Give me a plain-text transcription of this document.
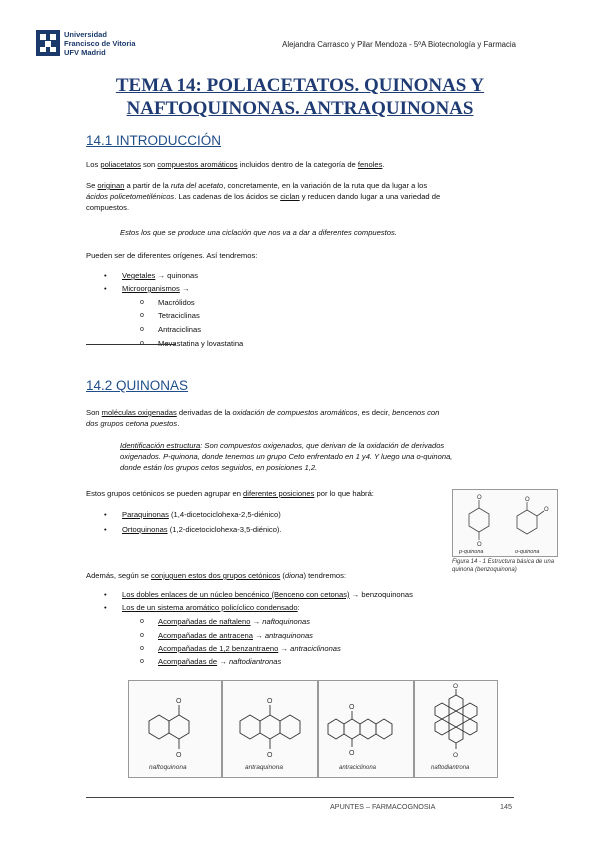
Universidad
Francisco de Vitoria
UFV Madrid
Alejandra Carrasco y Pilar Mendoza - 5ºA Biotecnología y Farmacia
TEMA 14: POLIACETATOS. QUINONAS Y
NAFTOQUINONAS. ANTRAQUINONAS
14.1 INTRODUCCIÓN
Los poliacetatos son compuestos aromáticos incluidos dentro de la categoría de fenoles.
Se originan a partir de la ruta del acetato, concretamente, en la variación de la ruta que da lugar a los
ácidos policetometilénicos. Las cadenas de los ácidos se ciclan y reducen dando lugar a una variedad de
compuestos.
Estos los que se produce una ciclación que nos va a dar a diferentes compuestos.
Pueden ser de diferentes orígenes. Así tendremos:
• Vegetales → quinonas
• Microorganismos →
o Macrólidos
o Tetraciclinas
o Antraciclinas
o Mevastatina y lovastatina
14.2 QUINONAS
Son moléculas oxigenadas derivadas de la oxidación de compuestos aromáticos, es decir, bencenos con
dos grupos cetona puestos.
Identificación estructura: Son compuestos oxigenados, que derivan de la oxidación de derivados
oxigenados. P-quinona, donde tenemos un grupo Ceto enfrentado en 1 y4. Y luego una o-quinona,
donde están los grupos cetos seguidos, en posiciones 1,2.
Estos grupos cetónicos se pueden agrupar en diferentes posiciones por lo que habrá:
• Paraquinonas (1,4-dicetociclohexa-2,5-diénico)
• Ortoquinonas (1,2-dicetociclohexa-3,5-diénico).
O
O
O
O
p-quinona	o-quinona
Figura 14 - 1 Estructura básica de una quinona (benzoquinona)
Además, según se conjuguen estos dos grupos cetónicos (diona) tendremos:
• Los dobles enlaces de un núcleo bencénico (Benceno con cetonas) → benzoquinonas
• Los de un sistema aromático policíclico condensado:
o Acompañadas de naftaleno → naftoquinonas
o Acompañadas de antracena → antraquinonas
o Acompañadas de 1,2 benzantraeno → antraciclinonas
o Acompañadas de → naftodiantronas
O
O
naftoquinona
O
O
antraquinona
O
O
antraciclinona
O
O
naftodiantrona
APUNTES – FARMACOGNOSIA	145
